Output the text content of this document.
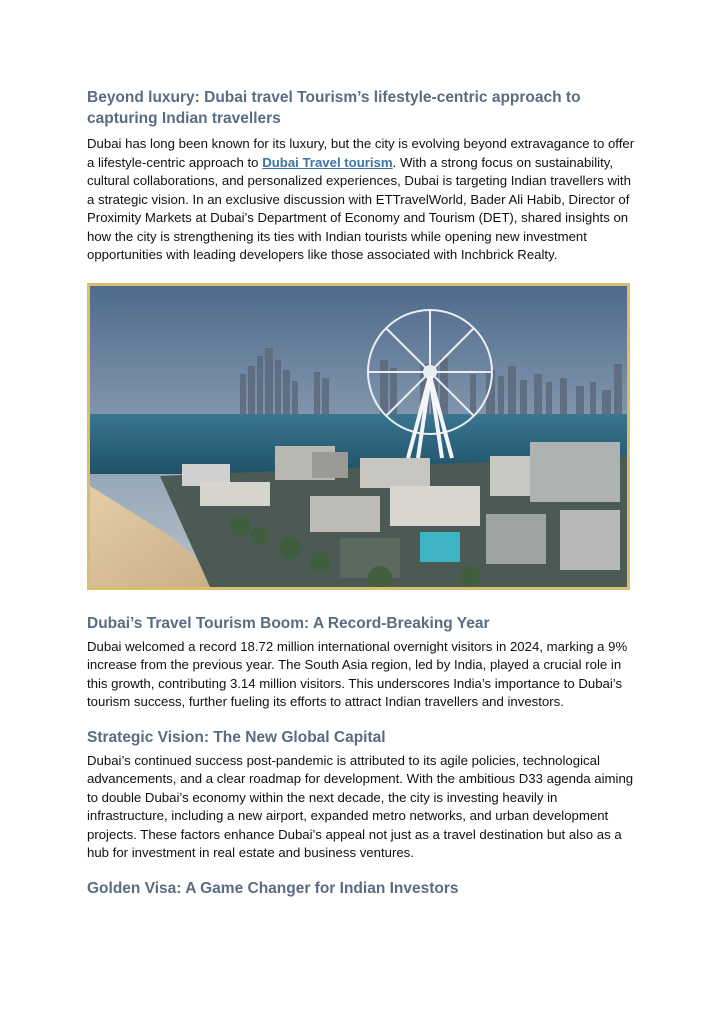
Beyond luxury: Dubai travel Tourism’s lifestyle-centric approach to capturing Indian travellers

Dubai has long been known for its luxury, but the city is evolving beyond extravagance to offer a lifestyle-centric approach to Dubai Travel tourism. With a strong focus on sustainability, cultural collaborations, and personalized experiences, Dubai is targeting Indian travellers with a strategic vision. In an exclusive discussion with ETTravelWorld, Bader Ali Habib, Director of Proximity Markets at Dubai’s Department of Economy and Tourism (DET), shared insights on how the city is strengthening its ties with Indian tourists while opening new investment opportunities with leading developers like those associated with Inchbrick Realty.

Dubai’s Travel Tourism Boom: A Record-Breaking Year

Dubai welcomed a record 18.72 million international overnight visitors in 2024, marking a 9% increase from the previous year. The South Asia region, led by India, played a crucial role in this growth, contributing 3.14 million visitors. This underscores India’s importance to Dubai’s tourism success, further fueling its efforts to attract Indian travellers and investors.

Strategic Vision: The New Global Capital

Dubai’s continued success post-pandemic is attributed to its agile policies, technological advancements, and a clear roadmap for development. With the ambitious D33 agenda aiming to double Dubai’s economy within the next decade, the city is investing heavily in infrastructure, including a new airport, expanded metro networks, and urban development projects. These factors enhance Dubai’s appeal not just as a travel destination but also as a hub for investment in real estate and business ventures.

Golden Visa: A Game Changer for Indian Investors
